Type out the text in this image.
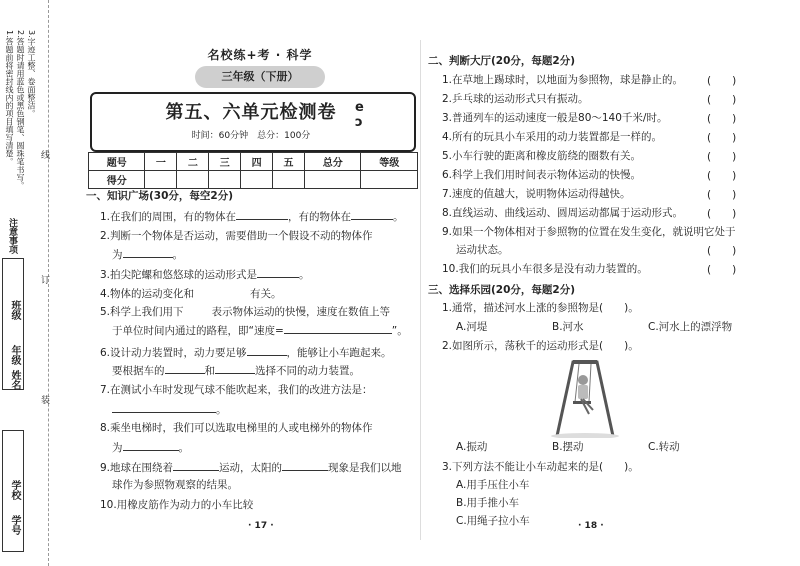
1.答题前将密封线内的项目填写清楚。 2.答题时请用蓝色或黑色钢笔、圆珠笔书写。 3.字迹工整、卷面整洁。
注意事项
班级
年级
姓名
学校
学号
线
订
装
名校练+考 · 科学
三年级（下册）
第五、六单元检测卷
时间：60分钟　总分：100分
e
ↄ
题号	一	二	三	四	五	总分	等级
得分							
一、知识广场(30分，每空2分)
1.在我们的周围，有的物体在	，有的物体在	。
2.判断一个物体是否运动，需要借助一个假设不动的物体作
为	。
3.拍尖陀螺和悠悠球的运动形式是	。
4.物体的运动变化和	有关。
5.科学上我们用下	表示物体运动的快慢，速度在数值上等
于单位时间内通过的路程，即“速度=	”。
6.设计动力装置时，动力要足够	，能够让小车跑起来。
要根据车的	和	选择不同的动力装置。
7.在测试小车时发现气球不能吹起来，我们的改进方法是：
。
8.乘坐电梯时，我们可以选取电梯里的人或电梯外的物体作
为	。
9.地球在围绕着	运动，太阳的	现象是我们以地
球作为参照物观察的结果。
10.用橡皮筋作为动力的小车比较
· 17 ·
二、判断大厅(20分，每题2分)
1.在草地上踢球时，以地面为参照物，球是静止的。 (　　)
2.乒乓球的运动形式只有振动。	(　　)
3.普通列车的运动速度一般是80～140千米/时。	(　　)
4.所有的玩具小车采用的动力装置都是一样的。	(　　)
5.小车行驶的距离和橡皮筋绕的圈数有关。	(　　)
6.科学上我们用时间表示物体运动的快慢。	(　　)
7.速度的值越大，说明物体运动得越快。	(　　)
8.直线运动、曲线运动、圆周运动都属于运动形式。 (　　)
9.如果一个物体相对于参照物的位置在发生变化，就说明它处于
运动状态。	(　　)
10.我们的玩具小车很多是没有动力装置的。	(　　)
三、选择乐园(20分，每题2分)
1.通常，描述河水上涨的参照物是(　　)。
A.河堤	B.河水	C.河水上的漂浮物
2.如图所示，荡秋千的运动形式是(　　)。
A.振动	B.摆动	C.转动
3.下列方法不能让小车动起来的是(　　)。
A.用手压住小车
B.用手推小车
C.用绳子拉小车	· 18 ·
